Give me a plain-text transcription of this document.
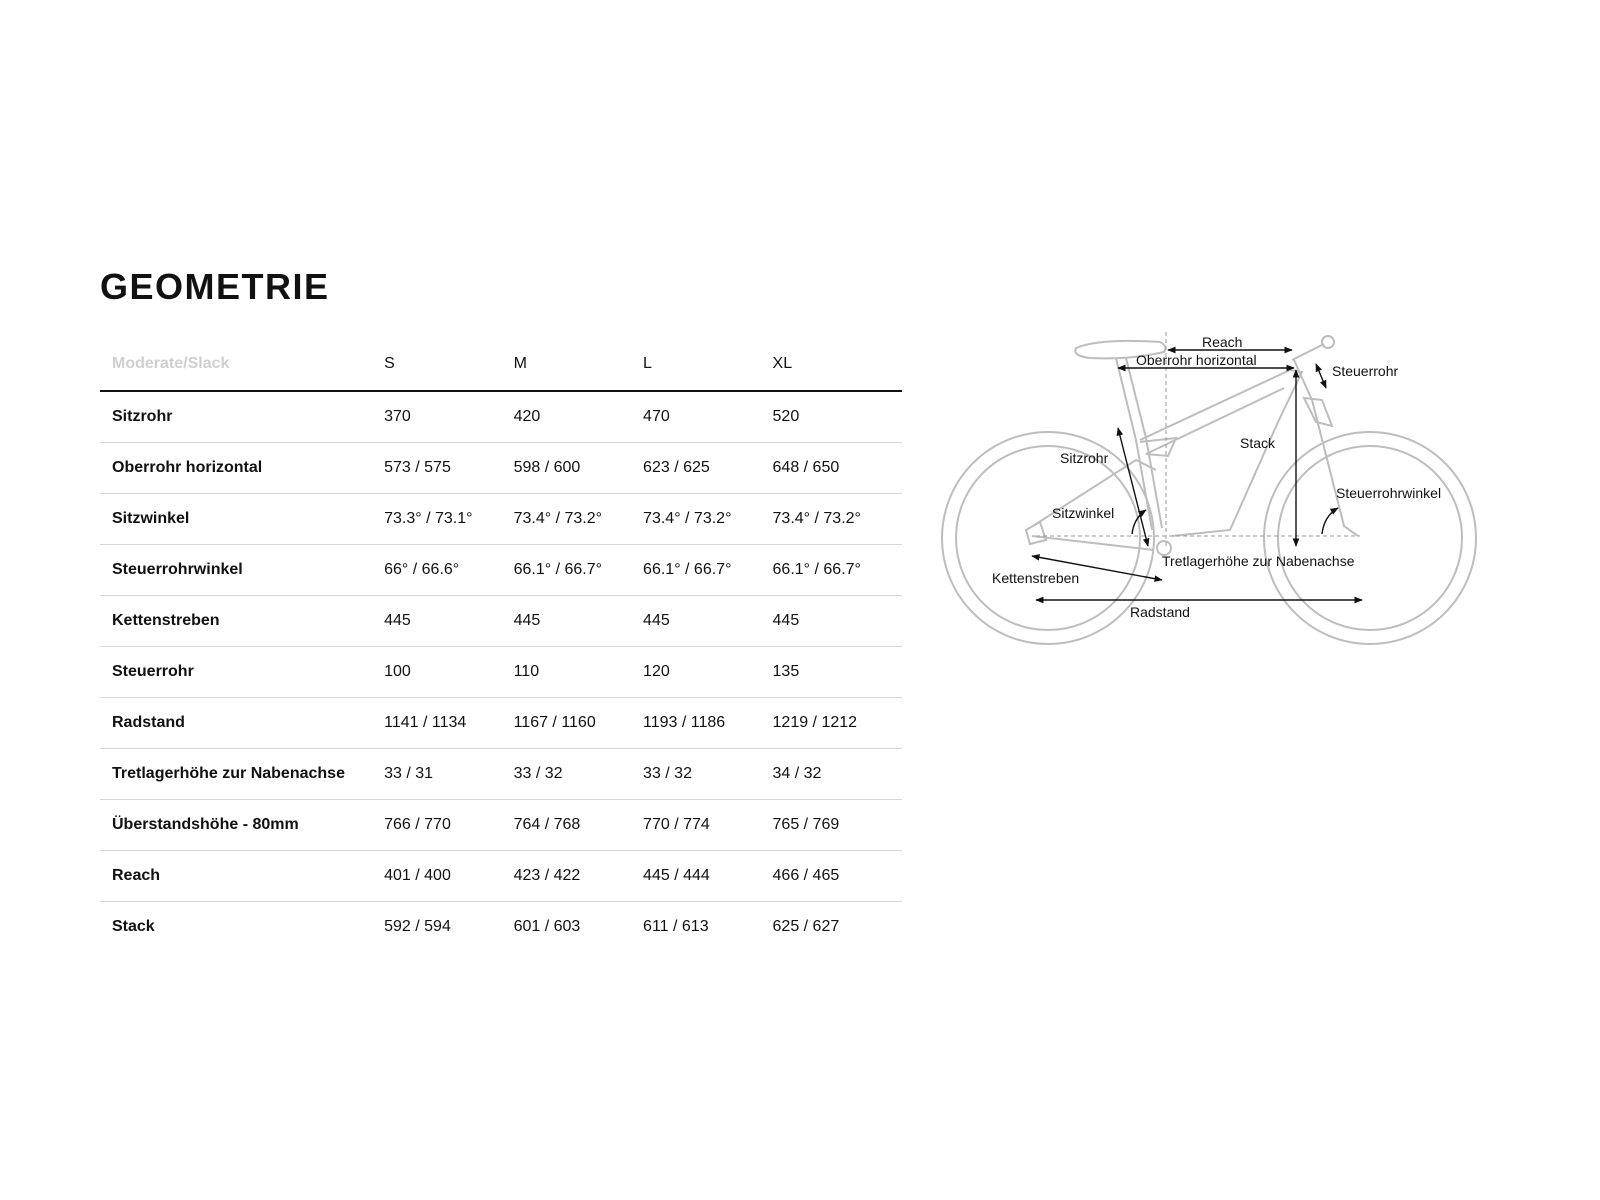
GEOMETRIE
Moderate/Slack	S	M	L	XL
Sitzrohr	370	420	470	520
Oberrohr horizontal	573 / 575	598 / 600	623 / 625	648 / 650
Sitzwinkel	73.3° / 73.1°	73.4° / 73.2°	73.4° / 73.2°	73.4° / 73.2°
Steuerrohrwinkel	66° / 66.6°	66.1° / 66.7°	66.1° / 66.7°	66.1° / 66.7°
Kettenstreben	445	445	445	445
Steuerrohr	100	110	120	135
Radstand	1141 / 1134	1167 / 1160	1193 / 1186	1219 / 1212
Tretlagerhöhe zur Nabenachse	33 / 31	33 / 32	33 / 32	34 / 32
Überstandshöhe - 80mm	766 / 770	764 / 768	770 / 774	765 / 769
Reach	401 / 400	423 / 422	445 / 444	466 / 465
Stack	592 / 594	601 / 603	611 / 613	625 / 627
Reach
Oberrohr horizontal
Steuerrohr
Stack
Sitzrohr
Steuerrohrwinkel
Sitzwinkel
Tretlagerhöhe zur Nabenachse
Kettenstreben
Radstand
